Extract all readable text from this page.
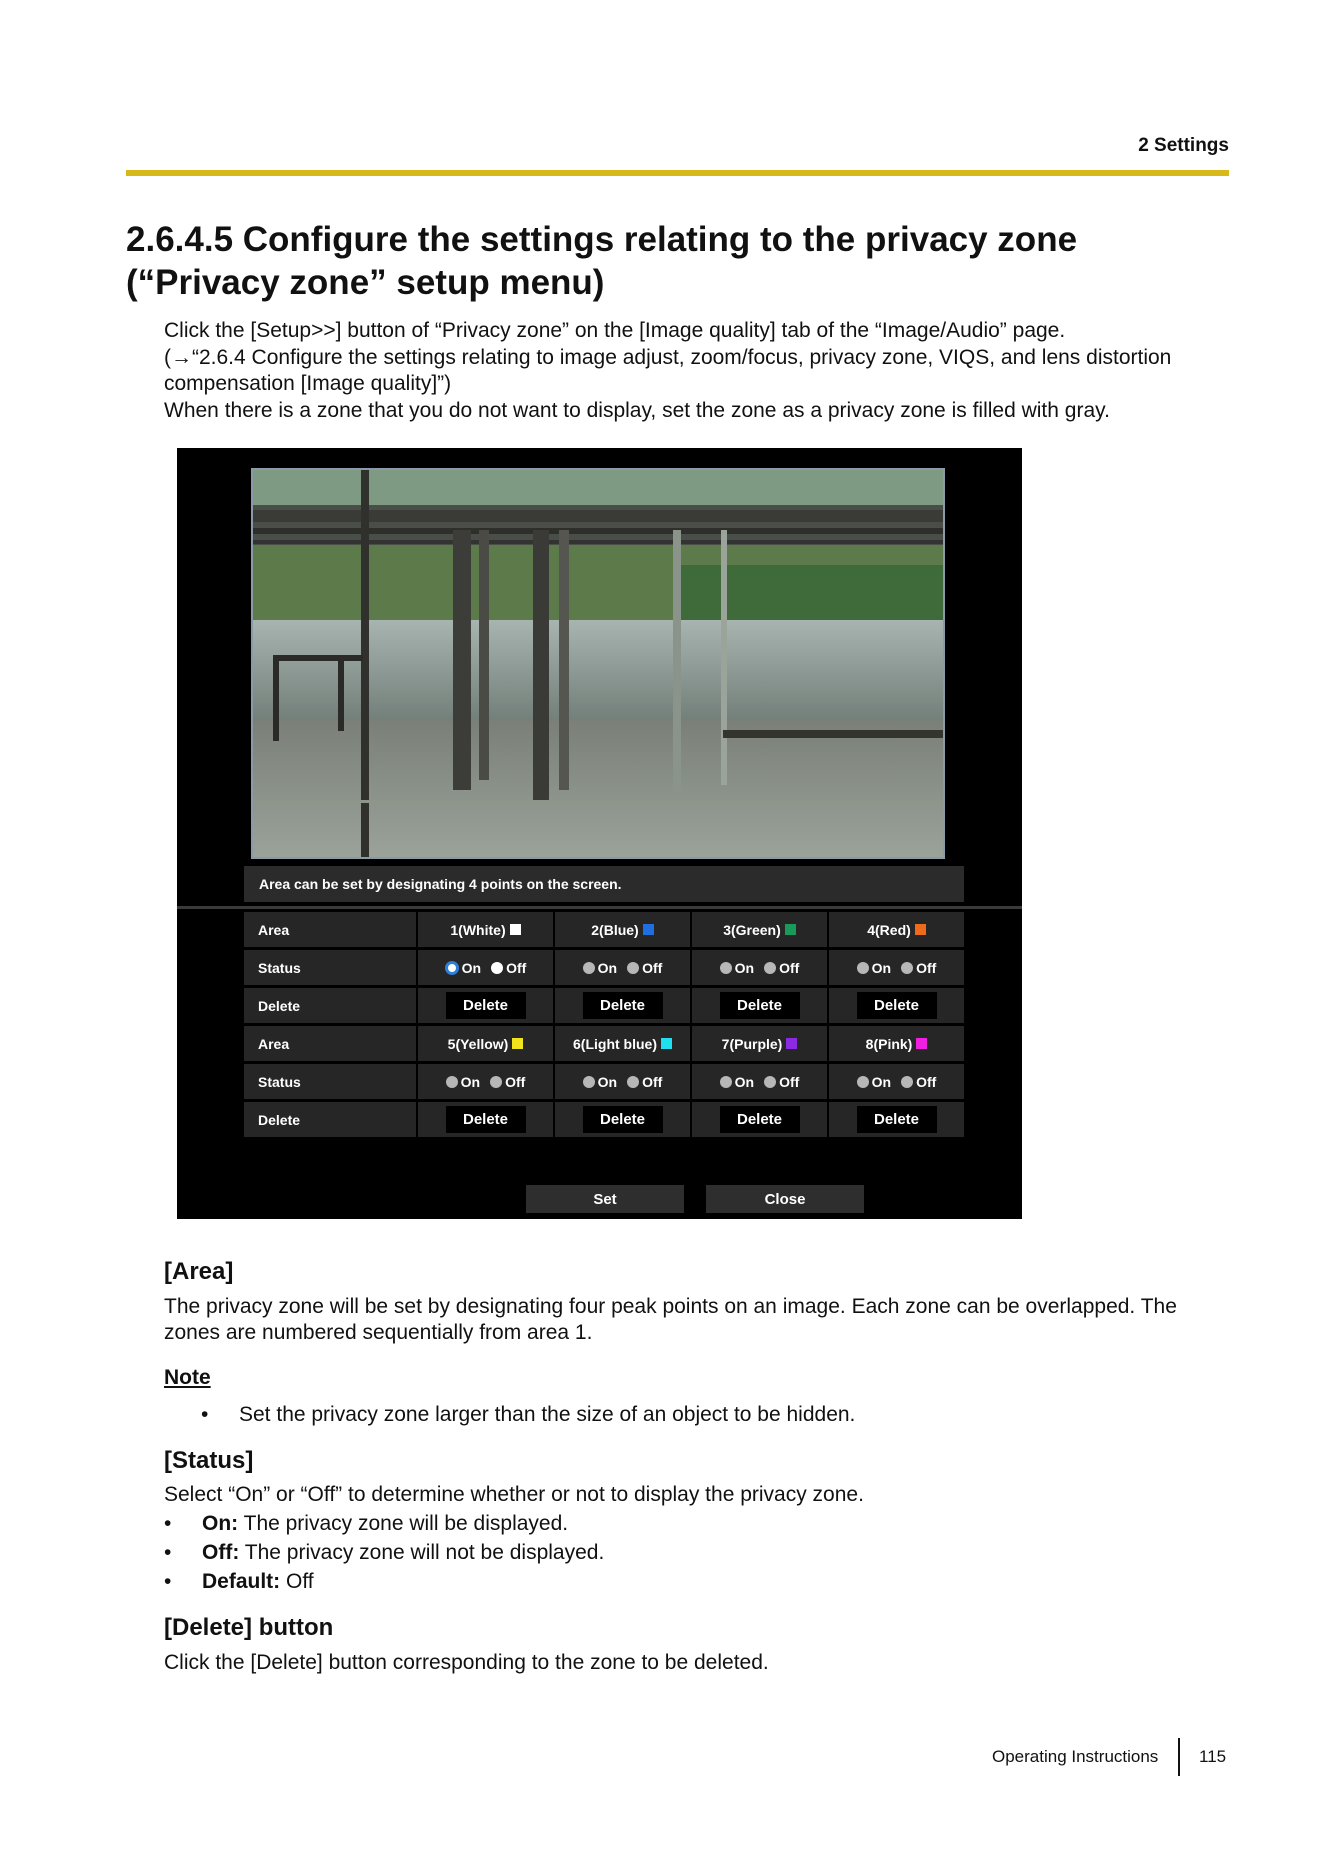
2 Settings
2.6.4.5 Configure the settings relating to the privacy zone (“Privacy zone” setup menu)
Click the [Setup>>] button of “Privacy zone” on the [Image quality] tab of the “Image/Audio” page.
(→“2.6.4 Configure the settings relating to image adjust, zoom/focus, privacy zone, VIQS, and lens distortion compensation [Image quality]”)
When there is a zone that you do not want to display, set the zone as a privacy zone is filled with gray.
Area can be set by designating 4 points on the screen.
Area	1(White)	2(Blue)	3(Green)	4(Red)
Status	On Off	On Off	On Off	On Off
Delete	Delete	Delete	Delete	Delete
Area	5(Yellow)	6(Light blue)	7(Purple)	8(Pink)
Status	On Off	On Off	On Off	On Off
Delete	Delete	Delete	Delete	Delete
Set	Close
[Area]
The privacy zone will be set by designating four peak points on an image. Each zone can be overlapped. The zones are numbered sequentially from area 1.
Note
• Set the privacy zone larger than the size of an object to be hidden.
[Status]
Select “On” or “Off” to determine whether or not to display the privacy zone.
• On: The privacy zone will be displayed.
• Off: The privacy zone will not be displayed.
• Default: Off
[Delete] button
Click the [Delete] button corresponding to the zone to be deleted.
Operating Instructions 115
